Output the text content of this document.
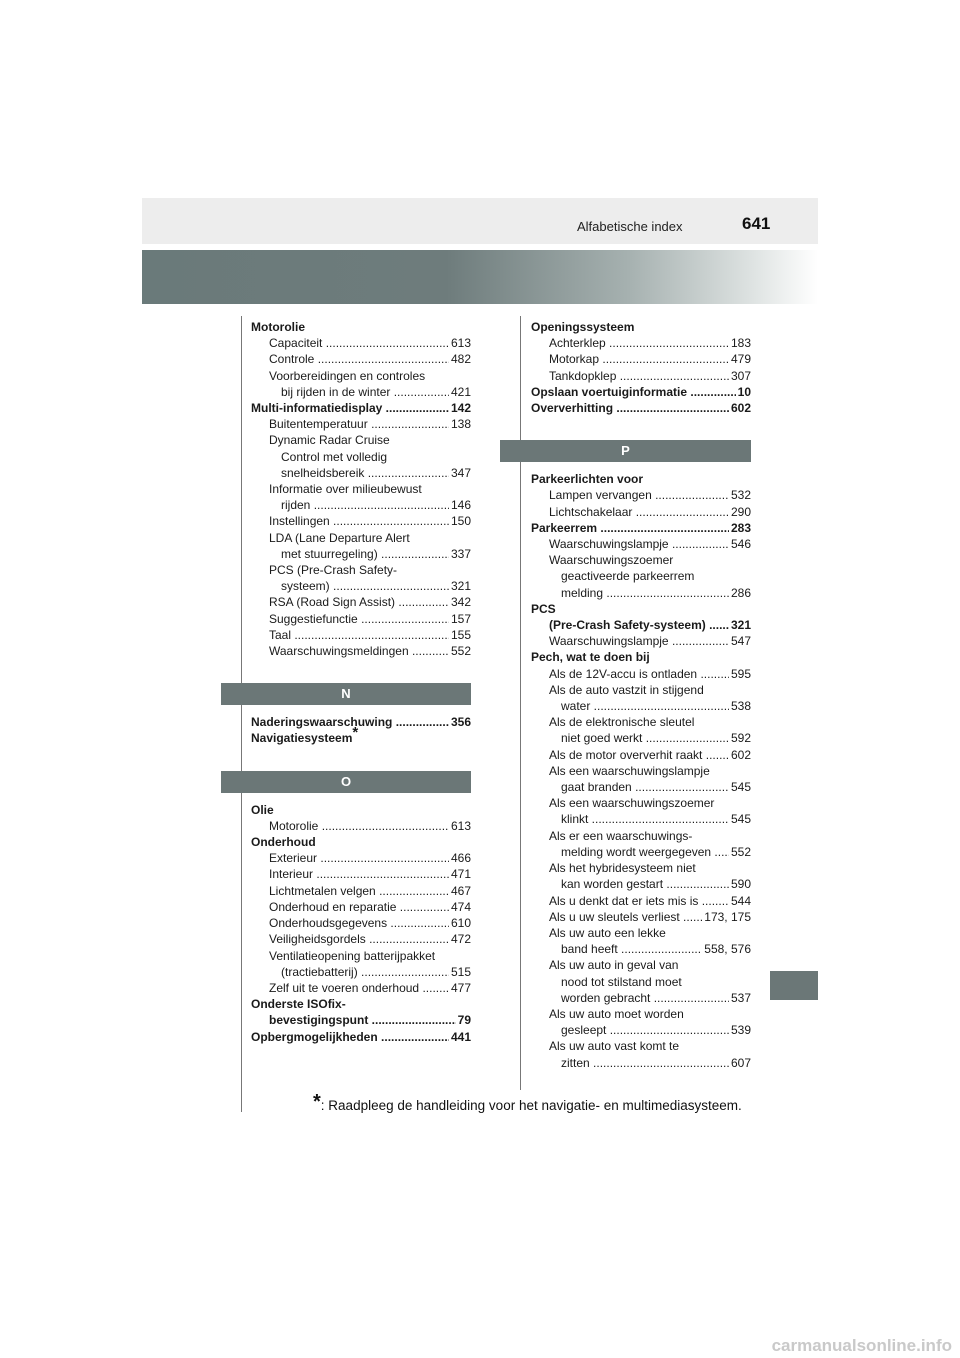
Alfabetische index	641
Motorolie
Capaciteit .....	613
Controle .....	482
Voorbereidingen en controles
bij rijden in de winter .....	421
Multi-informatiedisplay .....	142
Buitentemperatuur .....	138
Dynamic Radar Cruise
Control met volledig
snelheidsbereik .....	347
Informatie over milieubewust
rijden .....	146
Instellingen .....	150
LDA (Lane Departure Alert
met stuurregeling) .....	337
PCS (Pre-Crash Safety-
systeem) .....	321
RSA (Road Sign Assist) .....	342
Suggestiefunctie .....	157
Taal .....	155
Waarschuwingsmeldingen .....	552
N
Naderingswaarschuwing .....	356
Navigatiesysteem*
O
Olie
Motorolie .....	613
Onderhoud
Exterieur .....	466
Interieur .....	471
Lichtmetalen velgen .....	467
Onderhoud en reparatie .....	474
Onderhoudsgegevens .....	610
Veiligheidsgordels .....	472
Ventilatieopening batterijpakket
(tractiebatterij) .....	515
Zelf uit te voeren onderhoud .....	477
Onderste ISOfix-
bevestigingspunt .....	79
Opbergmogelijkheden .....	441
Openingssysteem
Achterklep .....	183
Motorkap .....	479
Tankdopklep .....	307
Opslaan voertuiginformatie .....	10
Oververhitting .....	602
P
Parkeerlichten voor
Lampen vervangen .....	532
Lichtschakelaar .....	290
Parkeerrem .....	283
Waarschuwingslampje .....	546
Waarschuwingszoemer
geactiveerde parkeerrem
melding .....	286
PCS
(Pre-Crash Safety-systeem) .....	321
Waarschuwingslampje .....	547
Pech, wat te doen bij
Als de 12V-accu is ontladen .....	595
Als de auto vastzit in stijgend
water .....	538
Als de elektronische sleutel
niet goed werkt .....	592
Als de motor oververhit raakt .....	602
Als een waarschuwingslampje
gaat branden .....	545
Als een waarschuwingszoemer
klinkt .....	545
Als er een waarschuwings-
melding wordt weergegeven .....	552
Als het hybridesysteem niet
kan worden gestart .....	590
Als u denkt dat er iets mis is .....	544
Als u uw sleutels verliest .....	173, 175
Als uw auto een lekke
band heeft .....	558, 576
Als uw auto in geval van
nood tot stilstand moet
worden gebracht .....	537
Als uw auto moet worden
gesleept .....	539
Als uw auto vast komt te
zitten .....	607
*: Raadpleeg de handleiding voor het navigatie- en multimediasysteem.
carmanualsonline.info
